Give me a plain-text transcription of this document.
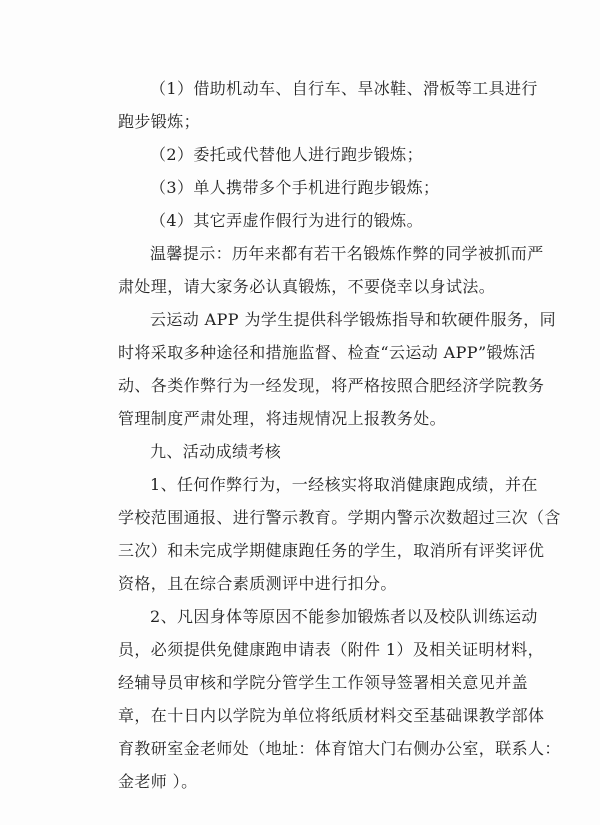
（1）借助机动车、自行车、旱冰鞋、滑板等工具进行
跑步锻炼；
（2）委托或代替他人进行跑步锻炼；
（3）单人携带多个手机进行跑步锻炼；
（4）其它弄虚作假行为进行的锻炼。
温馨提示：历年来都有若干名锻炼作弊的同学被抓而严
肃处理，请大家务必认真锻炼，不要侥幸以身试法。
云运动 APP 为学生提供科学锻炼指导和软硬件服务，同
时将采取多种途径和措施监督、检查“云运动 APP”锻炼活
动、各类作弊行为一经发现，将严格按照合肥经济学院教务
管理制度严肃处理，将违规情况上报教务处。
九、活动成绩考核
1、任何作弊行为，一经核实将取消健康跑成绩，并在
学校范围通报、进行警示教育。学期内警示次数超过三次（含
三次）和未完成学期健康跑任务的学生，取消所有评奖评优
资格，且在综合素质测评中进行扣分。
2、凡因身体等原因不能参加锻炼者以及校队训练运动
员，必须提供免健康跑申请表（附件 1）及相关证明材料，
经辅导员审核和学院分管学生工作领导签署相关意见并盖
章，在十日内以学院为单位将纸质材料交至基础课教学部体
育教研室金老师处（地址：体育馆大门右侧办公室，联系人：
金老师 ）。
